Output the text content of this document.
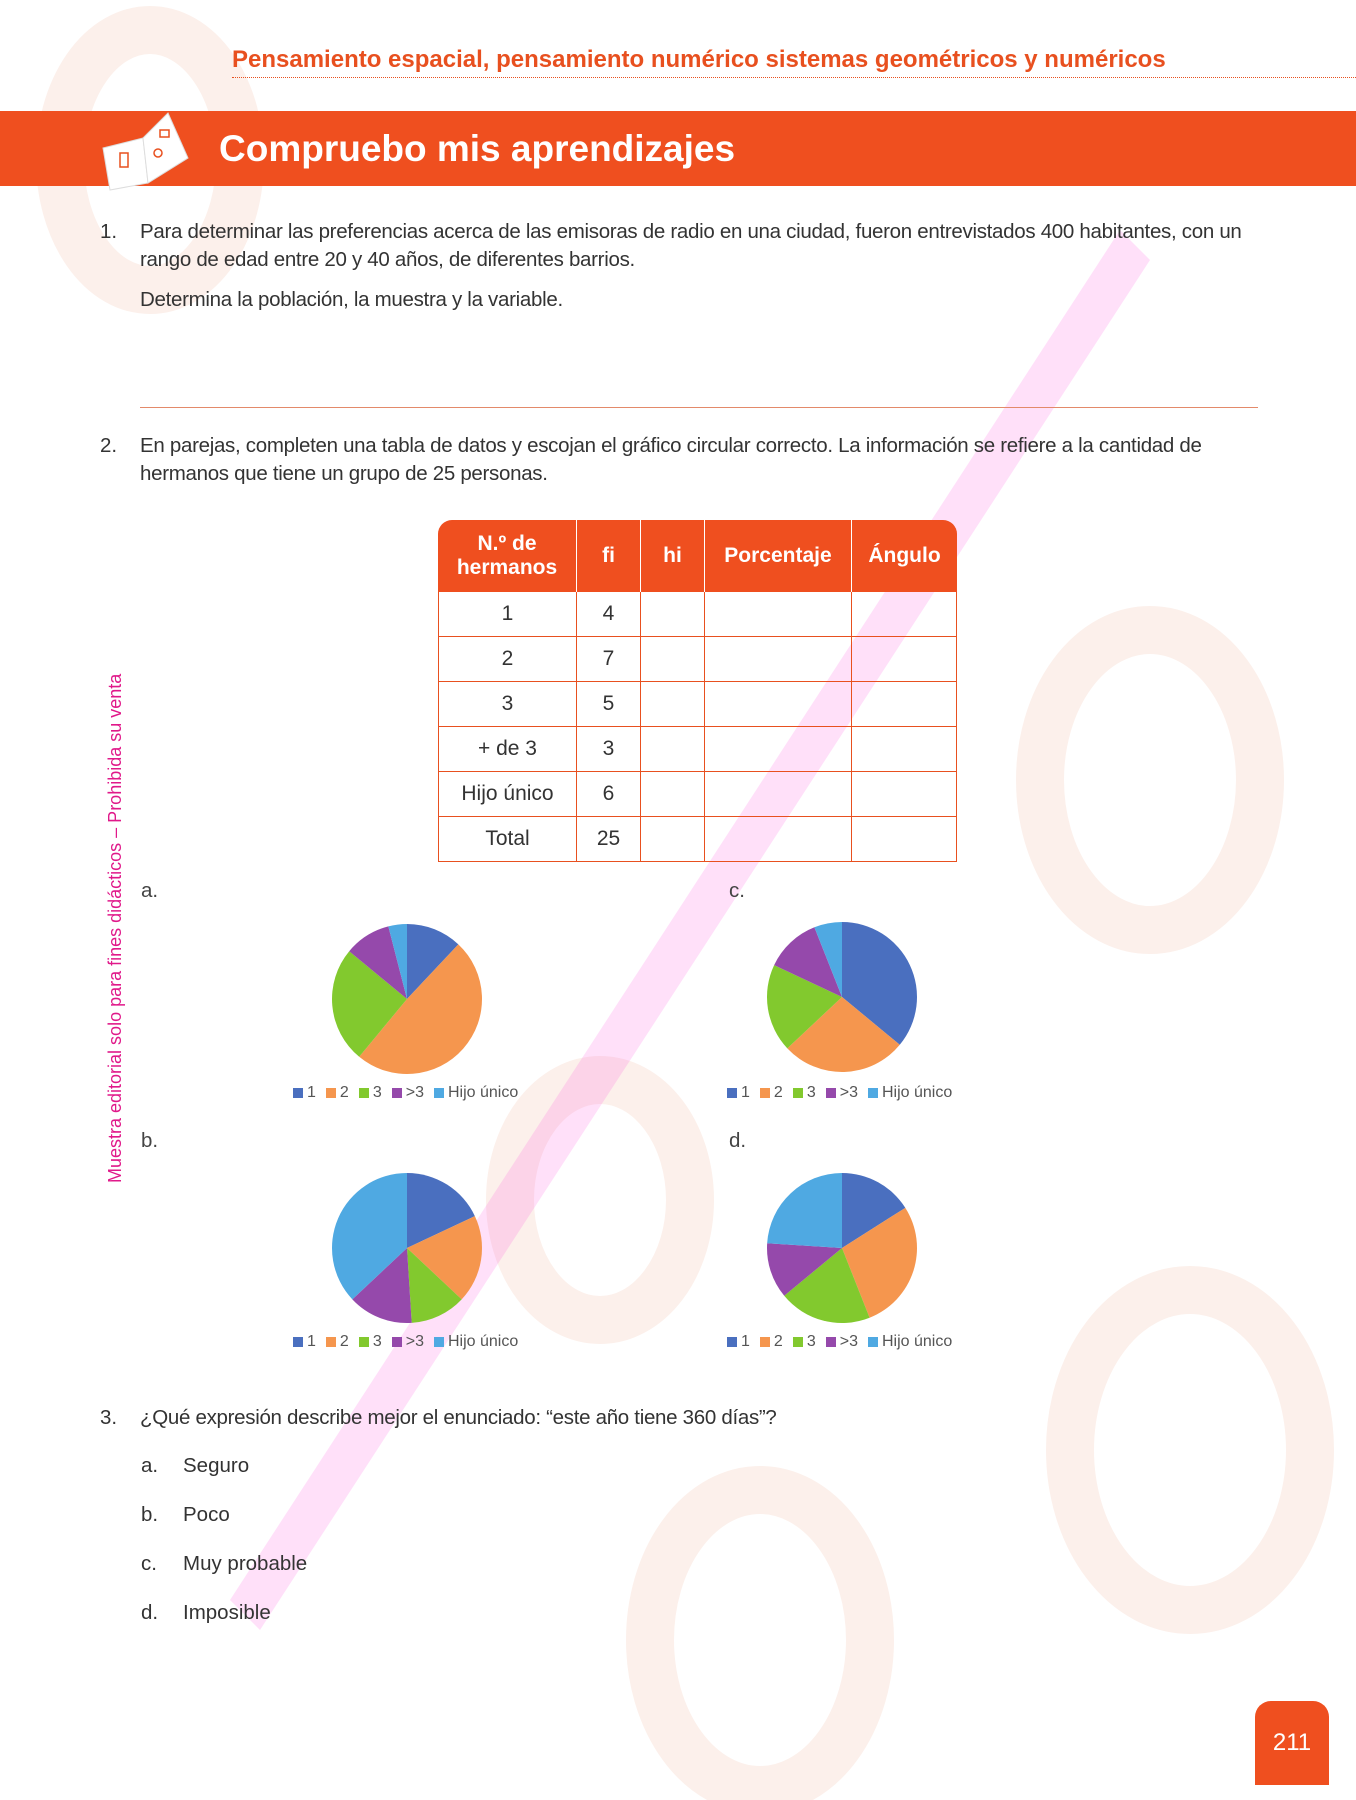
Pensamiento espacial, pensamiento numérico sistemas geométricos y numéricos
Compruebo mis aprendizajes
1. Para determinar las preferencias acerca de las emisoras de radio en una ciudad, fueron entrevistados 400 habitantes, con un rango de edad entre 20 y 40 años, de diferentes barrios.
Determina la población, la muestra y la variable.
2. En parejas, completen una tabla de datos y escojan el gráfico circular correcto. La información se refiere a la cantidad de hermanos que tiene un grupo de 25 personas.
N.º de hermanos	fi	hi	Porcentaje	Ángulo
1	4			
2	7			
3	5			
+ de 3	3			
Hijo único	6			
Total	25			
a.	c.
b.	d.
1 2 3 >3 Hijo único
1 2 3 >3 Hijo único
1 2 3 >3 Hijo único
1 2 3 >3 Hijo único
3. ¿Qué expresión describe mejor el enunciado: “este año tiene 360 días”?
a. Seguro
b. Poco
c. Muy probable
d. Imposible
Muestra editorial solo para fines didácticos – Prohibida su venta
211
